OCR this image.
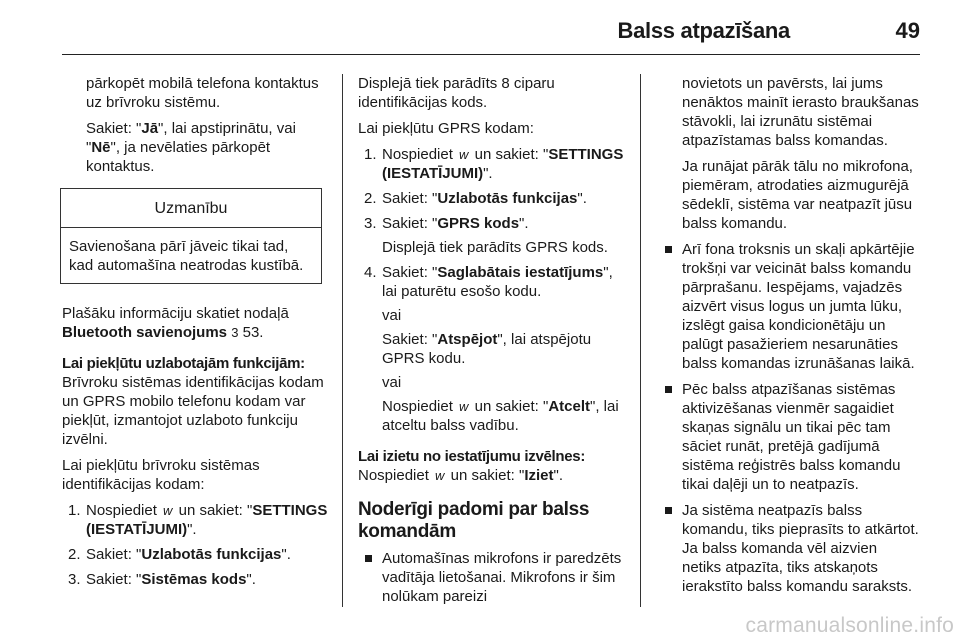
Balss atpazīšana	49

pārkopēt mobilā telefona kontaktus uz brīvroku sistēmu.

Sakiet: "Jā", lai apstiprinātu, vai "Nē", ja nevēlaties pārkopēt kontaktus.

Uzmanību
Savienošana pārī jāveic tikai tad, kad automašīna neatrodas kustībā.

Plašāku informāciju skatiet nodaļā
Bluetooth savienojums 3 53.

Lai piekļūtu uzlabotajām funkcijām:

Brīvroku sistēmas identifikācijas kodam un GPRS mobilo telefonu kodam var piekļūt, izmantojot uzlaboto funkciju izvēlni.

Lai piekļūtu brīvroku sistēmas identifikācijas kodam:

1. Nospiediet w un sakiet: "SETTINGS (IESTATĪJUMI)".
2. Sakiet: "Uzlabotās funkcijas".
3. Sakiet: "Sistēmas kods".

Displejā tiek parādīts 8 ciparu identifikācijas kods.

Lai piekļūtu GPRS kodam:

1. Nospiediet w un sakiet: "SETTINGS (IESTATĪJUMI)".
2. Sakiet: "Uzlabotās funkcijas".
3. Sakiet: "GPRS kods".
Displejā tiek parādīts GPRS kods.
4. Sakiet: "Saglabātais iestatījums", lai paturētu esošo kodu.
vai
Sakiet: "Atspējot", lai atspējotu GPRS kodu.
vai
Nospiediet w un sakiet: "Atcelt", lai atceltu balss vadību.

Lai izietu no iestatījumu izvēlnes:

Nospiediet w un sakiet: "Iziet".

Noderīgi padomi par balss komandām
Automašīnas mikrofons ir paredzēts vadītāja lietošanai. Mikrofons ir šim nolūkam pareizi

novietots un pavērsts, lai jums nenāktos mainīt ierasto braukšanas stāvokli, lai izrunātu sistēmai atpazīstamas balss komandas.

Ja runājat pārāk tālu no mikrofona, piemēram, atrodaties aizmugurējā sēdeklī, sistēma var neatpazīt jūsu balss komandu.

Arī fona troksnis un skaļi apkārtējie trokšņi var veicināt balss komandu pārprašanu. Iespējams, vajadzēs aizvērt visus logus un jumta lūku, izslēgt gaisa kondicionētāju un palūgt pasažieriem nesarunāties balss komandas izrunāšanas laikā.
Pēc balss atpazīšanas sistēmas aktivizēšanas vienmēr sagaidiet skaņas signālu un tikai pēc tam sāciet runāt, pretējā gadījumā sistēma reģistrēs balss komandu tikai daļēji un to neatpazīs.
Ja sistēma neatpazīs balss komandu, tiks pieprasīts to atkārtot. Ja balss komanda vēl aizvien netiks atpazīta, tiks atskaņots ierakstīto balss komandu saraksts.
carmanualsonline.info
